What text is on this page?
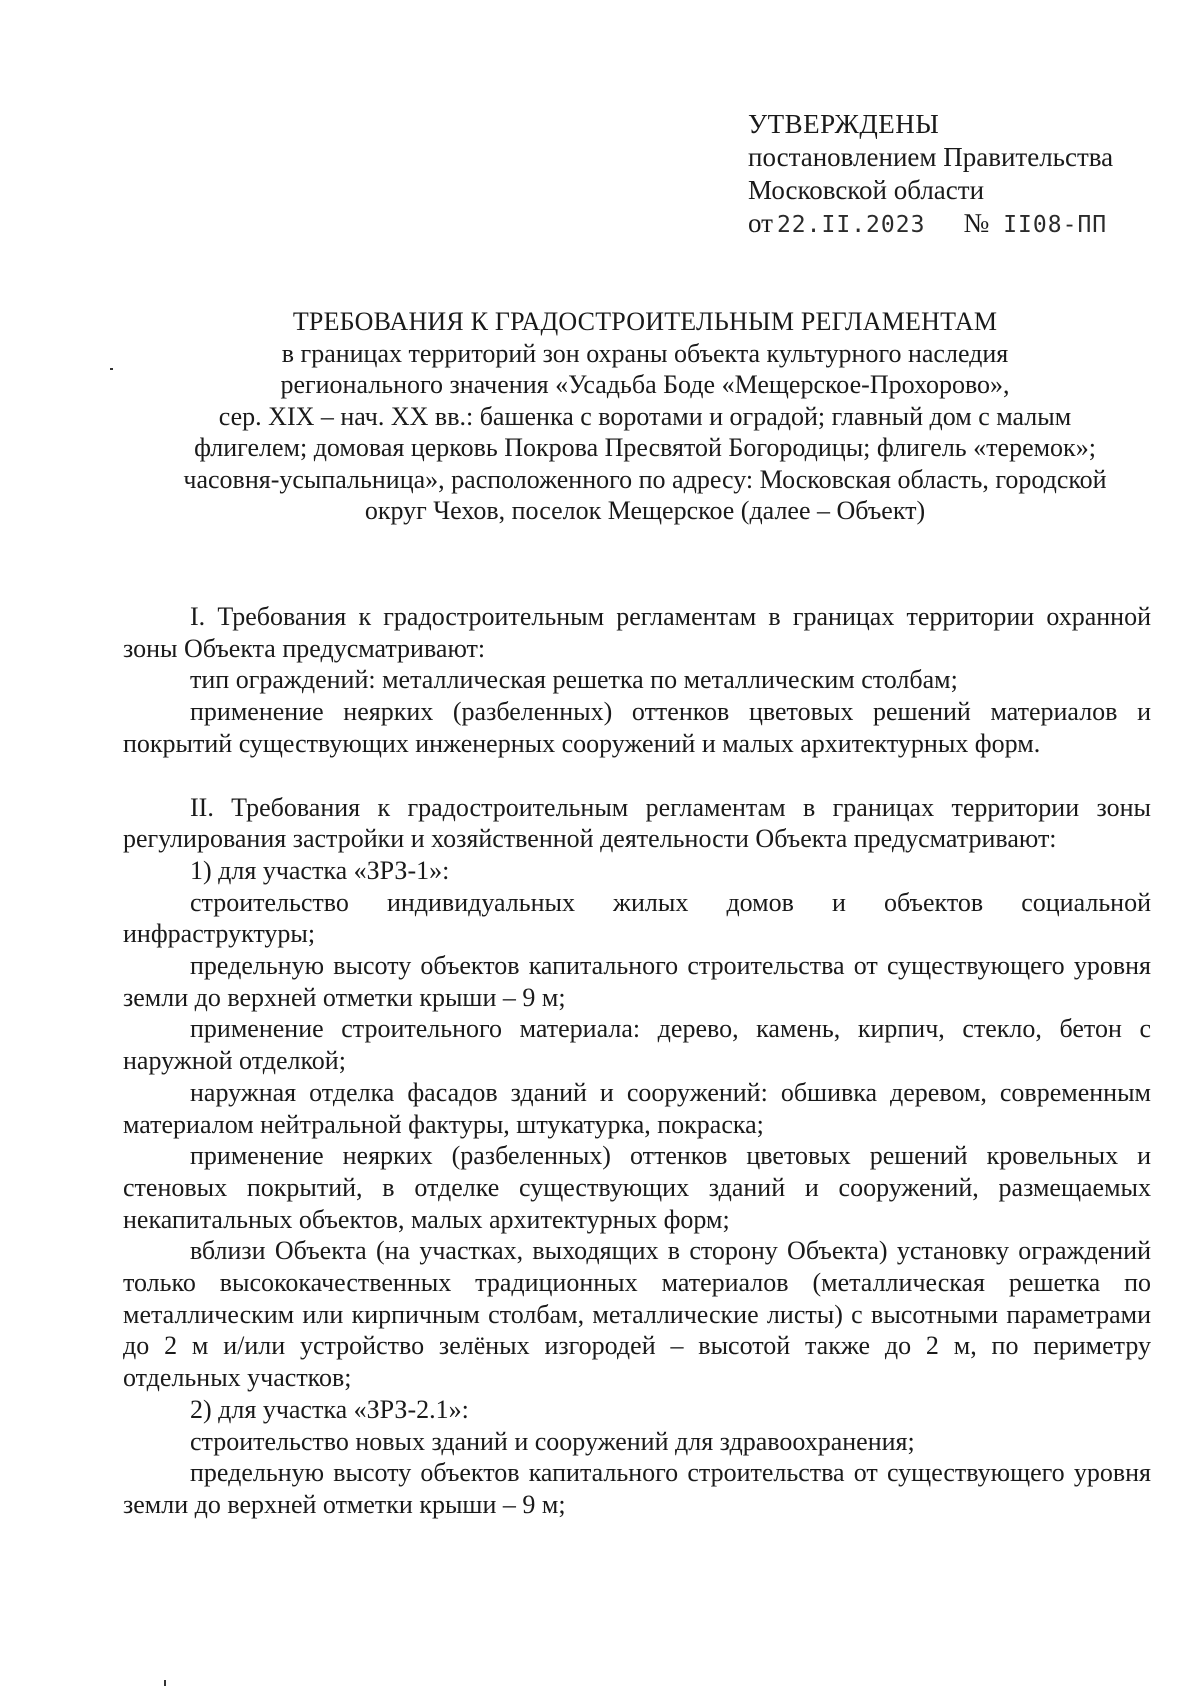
УТВЕРЖДЕНЫ
постановлением Правительства
Московской области
от 22.II.2023 № II08-ПП
ТРЕБОВАНИЯ К ГРАДОСТРОИТЕЛЬНЫМ РЕГЛАМЕНТАМ
в границах территорий зон охраны объекта культурного наследия
регионального значения «Усадьба Боде «Мещерское-Прохорово»,
сер. XIX – нач. XX вв.: башенка с воротами и оградой; главный дом с малым
флигелем; домовая церковь Покрова Пресвятой Богородицы; флигель «теремок»;
часовня-усыпальница», расположенного по адресу: Московская область, городской
округ Чехов, поселок Мещерское (далее – Объект)

I. Требования к градостроительным регламентам в границах территории охранной зоны Объекта предусматривают:

тип ограждений: металлическая решетка по металлическим столбам;

применение неярких (разбеленных) оттенков цветовых решений материалов и покрытий существующих инженерных сооружений и малых архитектурных форм.

II. Требования к градостроительным регламентам в границах территории зоны регулирования застройки и хозяйственной деятельности Объекта предусматривают:

1) для участка «ЗРЗ-1»:

строительство индивидуальных жилых домов и объектов социальной инфраструктуры;

предельную высоту объектов капитального строительства от существующего уровня земли до верхней отметки крыши – 9 м;

применение строительного материала: дерево, камень, кирпич, стекло, бетон с наружной отделкой;

наружная отделка фасадов зданий и сооружений: обшивка деревом, современным материалом нейтральной фактуры, штукатурка, покраска;

применение неярких (разбеленных) оттенков цветовых решений кровельных и стеновых покрытий, в отделке существующих зданий и сооружений, размещаемых некапитальных объектов, малых архитектурных форм;

вблизи Объекта (на участках, выходящих в сторону Объекта) установку ограждений только высококачественных традиционных материалов (металлическая решетка по металлическим или кирпичным столбам, металлические листы) с высотными параметрами до 2 м и/или устройство зелёных изгородей – высотой также до 2 м, по периметру отдельных участков;

2) для участка «ЗРЗ-2.1»:

строительство новых зданий и сооружений для здравоохранения;

предельную высоту объектов капитального строительства от существующего уровня земли до верхней отметки крыши – 9 м;
